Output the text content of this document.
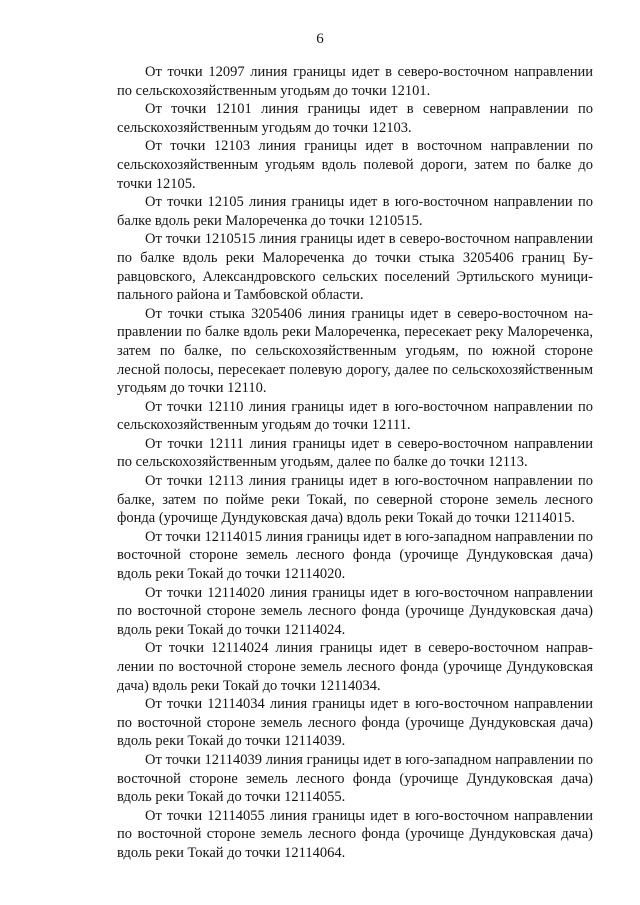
6

От точки 12097 линия границы идет в северо-восточном направлении по сельскохозяйственным угодьям до точки 12101.

От точки 12101 линия границы идет в северном направлении по сельскохозяйственным угодьям до точки 12103.

От точки 12103 линия границы идет в восточном направлении по сельскохозяйственным угодьям вдоль полевой дороги, затем по балке до точки 12105.

От точки 12105 линия границы идет в юго-восточном направлении по балке вдоль реки Малореченка до точки 1210515.

От точки 1210515 линия границы идет в северо-восточном направлении по балке вдоль реки Малореченка до точки стыка 3205406 границ Буравцовского, Александровского сельских поселений Эртильского муниципального района и Тамбовской области.

От точки стыка 3205406 линия границы идет в северо-восточном направлении по балке вдоль реки Малореченка, пересекает реку Малореченка, затем по балке, по сельскохозяйственным угодьям, по южной стороне лесной полосы, пересекает полевую дорогу, далее по сельскохозяйственным угодьям до точки 12110.

От точки 12110 линия границы идет в юго-восточном направлении по сельскохозяйственным угодьям до точки 12111.

От точки 12111 линия границы идет в северо-восточном направлении по сельскохозяйственным угодьям, далее по балке до точки 12113.

От точки 12113 линия границы идет в юго-восточном направлении по балке, затем по пойме реки Токай, по северной стороне земель лесного фонда (урочище Дундуковская дача) вдоль реки Токай до точки 12114015.

От точки 12114015 линия границы идет в юго-западном направлении по восточной стороне земель лесного фонда (урочище Дундуковская дача) вдоль реки Токай до точки 12114020.

От точки 12114020 линия границы идет в юго-восточном направлении по восточной стороне земель лесного фонда (урочище Дундуковская дача) вдоль реки Токай до точки 12114024.

От точки 12114024 линия границы идет в северо-восточном направлении по восточной стороне земель лесного фонда (урочище Дундуковская дача) вдоль реки Токай до точки 12114034.

От точки 12114034 линия границы идет в юго-восточном направлении по восточной стороне земель лесного фонда (урочище Дундуковская дача) вдоль реки Токай до точки 12114039.

От точки 12114039 линия границы идет в юго-западном направлении по восточной стороне земель лесного фонда (урочище Дундуковская дача) вдоль реки Токай до точки 12114055.

От точки 12114055 линия границы идет в юго-восточном направлении по восточной стороне земель лесного фонда (урочище Дундуковская дача) вдоль реки Токай до точки 12114064.
